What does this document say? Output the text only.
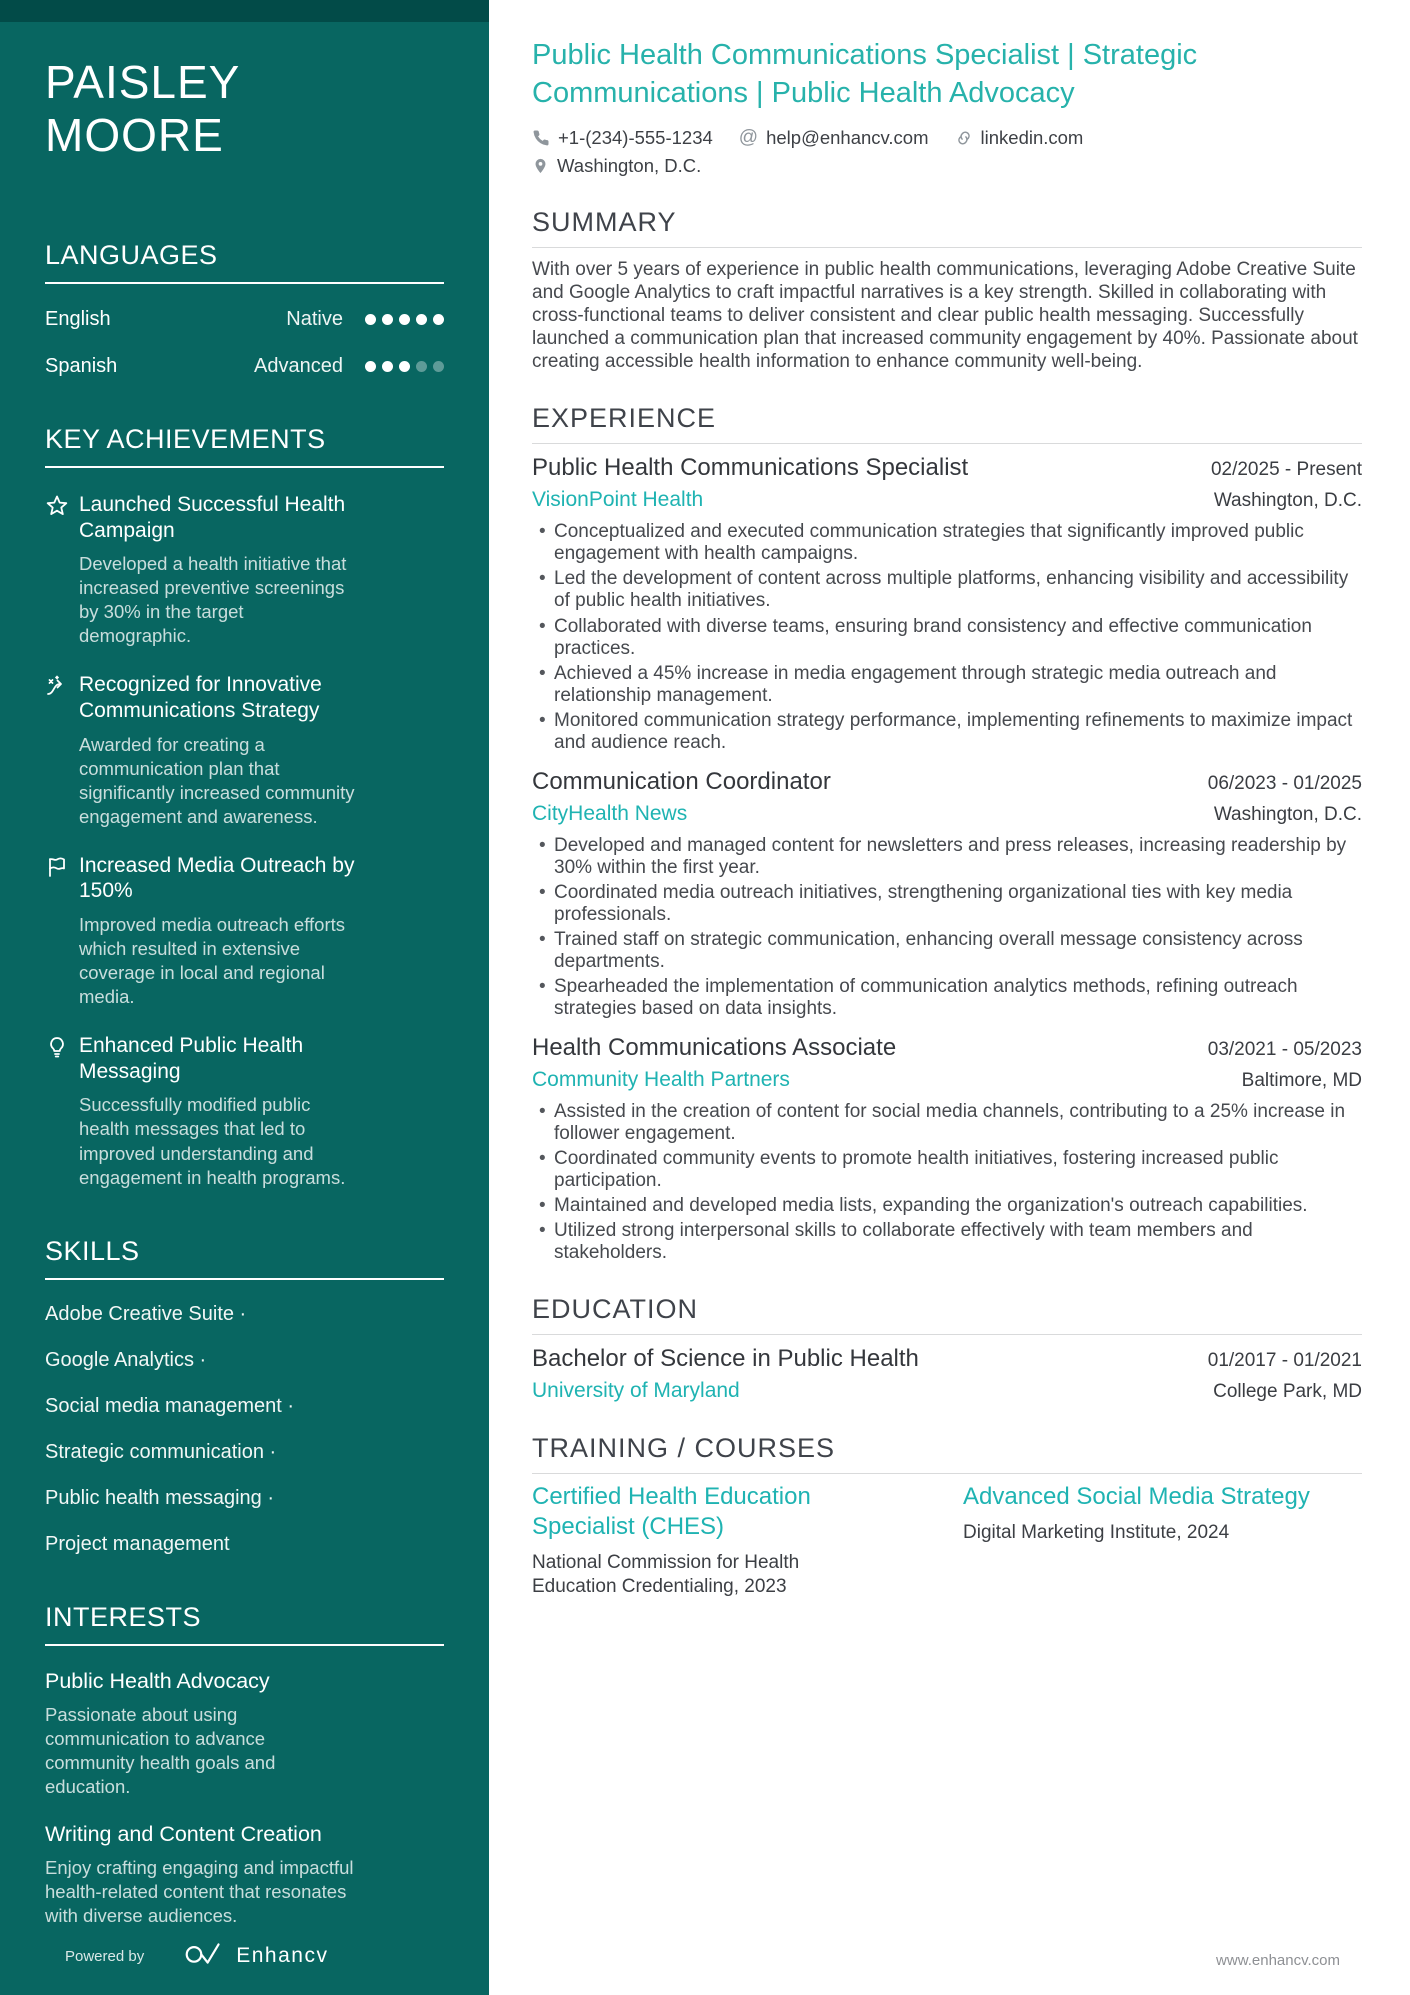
PAISLEY
MOORE
LANGUAGES
English	Native
Spanish	Advanced
KEY ACHIEVEMENTS
Launched Successful Health Campaign
Developed a health initiative that increased preventive screenings by 30% in the target demographic.
Recognized for Innovative Communications Strategy
Awarded for creating a communication plan that significantly increased community engagement and awareness.
Increased Media Outreach by 150%
Improved media outreach efforts which resulted in extensive coverage in local and regional media.
Enhanced Public Health Messaging
Successfully modified public health messages that led to improved understanding and engagement in health programs.
SKILLS
Adobe Creative Suite ·
Google Analytics ·
Social media management ·
Strategic communication ·
Public health messaging ·
Project management
INTERESTS
Public Health Advocacy
Passionate about using communication to advance community health goals and education.
Writing and Content Creation
Enjoy crafting engaging and impactful health-related content that resonates with diverse audiences.
Powered by	Enhancv
Public Health Communications Specialist | Strategic Communications | Public Health Advocacy
+1-(234)-555-1234 @ help@enhancv.com	linkedin.com
Washington, D.C.
SUMMARY

With over 5 years of experience in public health communications, leveraging Adobe Creative Suite and Google Analytics to craft impactful narratives is a key strength. Skilled in collaborating with cross-functional teams to deliver consistent and clear public health messaging. Successfully launched a communication plan that increased community engagement by 40%. Passionate about creating accessible health information to enhance community well-being.

EXPERIENCE
Public Health Communications Specialist	02/2025 - Present
VisionPoint Health	Washington, D.C.
• Conceptualized and executed communication strategies that significantly improved public engagement with health campaigns.
• Led the development of content across multiple platforms, enhancing visibility and accessibility of public health initiatives.
• Collaborated with diverse teams, ensuring brand consistency and effective communication practices.
• Achieved a 45% increase in media engagement through strategic media outreach and relationship management.
• Monitored communication strategy performance, implementing refinements to maximize impact and audience reach.
Communication Coordinator	06/2023 - 01/2025
CityHealth News	Washington, D.C.
• Developed and managed content for newsletters and press releases, increasing readership by 30% within the first year.
• Coordinated media outreach initiatives, strengthening organizational ties with key media professionals.
• Trained staff on strategic communication, enhancing overall message consistency across departments.
• Spearheaded the implementation of communication analytics methods, refining outreach strategies based on data insights.
Health Communications Associate	03/2021 - 05/2023
Community Health Partners	Baltimore, MD
• Assisted in the creation of content for social media channels, contributing to a 25% increase in follower engagement.
• Coordinated community events to promote health initiatives, fostering increased public participation.
• Maintained and developed media lists, expanding the organization's outreach capabilities.
• Utilized strong interpersonal skills to collaborate effectively with team members and stakeholders.
EDUCATION
Bachelor of Science in Public Health	01/2017 - 01/2021
University of Maryland	College Park, MD
TRAINING / COURSES
Certified Health Education Specialist (CHES)
National Commission for Health Education Credentialing, 2023
Advanced Social Media Strategy
Digital Marketing Institute, 2024
www.enhancv.com
